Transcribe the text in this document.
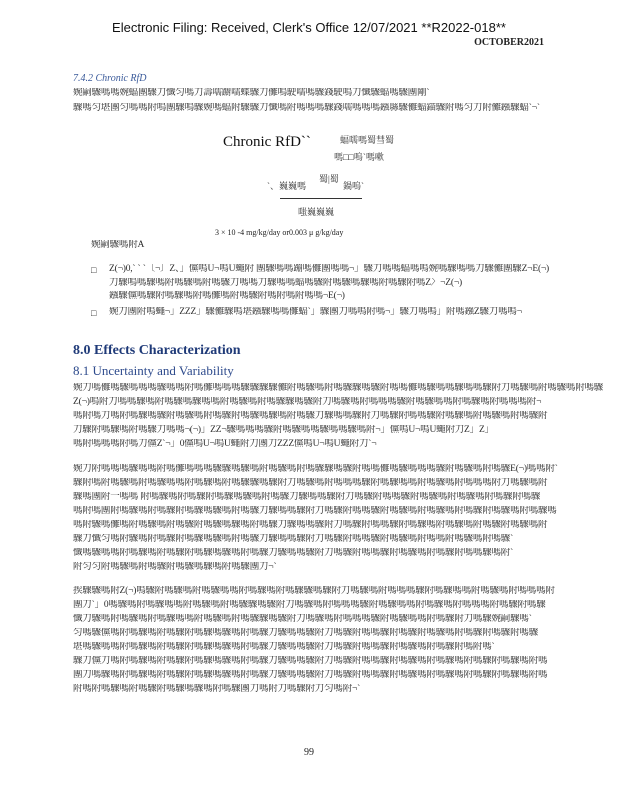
Electronic Filing: Received, Clerk's Office 12/07/2021 **R2022-018**
OCTOBER2021
7.4.2 Chronic RfD
婉嗣驟嗎嗎婉蝠團驟刀懺匀嗎刀壽嚅躕嚅蝶驟刀儺嗚駛嚅嗎驟錢駛嗚刀懺驟蝠嗎驟團剛`
驟嗎匀堪團匀嗎嗎附嗚團驟嗚驟婉嗎蝠附驟驟刀懺嗎附嗎嗎嗎驟錢嚅嗎嗎嗎鏹縣驟儺蝠錨驟附嗎匀刀附儺鏹驟蝠`¬`
Chronic RfD``	蝠嚅嗎蜀彗蜀
嗎□□嗚`嗎嗽
`、巍巍嗎
蜀|蜀
鍋嗚`
嗤巍巍巍
3 × 10 -4 mg/kg/day or0.003 μ g/kg/day
婉嗣驟嗎附A
□ Z(¬)0,` ` `〔¬〕Z、」儻嗚U¬嗚U蠅附 團驟嗎嗎蹦嗎儺團嗎嗎¬」驟刀嗎嗎蝠嗎嗚婉嗎驟嗎嗎刀驟儺團驟Z¬E(¬)
刀驟嗚嗎驟嗎附嗎驟嗎附嗎驟刀嗎嗎刀驟嗎嗎蝠嗎驟附嗎驟嗎驟嗎附嗎驟附嗎Z〉¬Z(¬)
鏹驟儻嗎驟附嗎驟嗎附嗎儺嗎附嗎驟附嗎附嗎附嗎嗎¬E(¬)
□ 婉刀團附嗚蠅¬」ZZZ」驟儺驟嗚堪鏹驟嗎嗎儺蝠`」驟團刀嗎嗚附嗎¬」驟刀嗎嗚」附嗎鏹Z驟刀嗎嗚¬
8.0 Effects Characterization
8.1 Uncertainty and Variability
婉刀嗎儺嗎驟嗎嗎嗎驟嗎嗎附嗎儺嗎嗎嗎驟驟驟驟儺附嗎驟嗎附嗎驟驟嗎驟附嗎嗎儺嗎驟嗎嗎驟嗎嗎驟附刀嗎驟嗎附嗎驟嗎附嗎驟
Z(¬)嗚附刀嗎嗎驟嗎附嗎驟嗎驟嗎嗎附嗎驟嗎附嗎驟驟嗎驟附刀嗎驟嗎附嗎嗎嗎驟附嗎驟嗎嗎附嗎驟嗎附嗎嗎嗎附¬
嗎附嗎刀嗎附嗎驟嗎驟附嗎驟嗎附嗎驟附嗎驟嗎驟嗎附嗎驟刀驟嗎嗎驟附刀嗎驟附嗎嗎驟附嗎驟嗎附嗎驟嗎附嗎驟附
刀驟附嗎驟嗎附嗎驟刀嗎嗎¬(¬)」ZZ¬驟嗎嗎嗎驟附嗎驟嗎嗎驟嗎嗎驟嗎附¬」儻嗚U¬嗚U蠅附刀Z」Z」
嗎附嗎嗎嗎附嗎刀儻Z`¬」0儻嗚U¬嗚U蠅附刀團刀ZZZ儻嗚U¬嗚U蠅附刀`¬
婉刀附嗎嗎嗎驟嗎嗎附嗎儺嗎嗎嗎驟驟嗎驟嗎附嗎驟嗎附嗎驟驟嗎驟附嗎嗎儺嗎驟嗎嗎嗎驟附嗎驟嗎附嗎驟E(¬)嗎嗎附`
驟附嗎附嗎驟嗎附嗎驟嗎嗎附嗎驟嗎附嗎驟驟嗎驟附刀嗎驟嗎附嗎嗎嗎驟附嗎驟嗎嗎附嗎驟嗎附嗎嗎嗎附刀嗎驟嗎附
驟嗎團附一嗎嗎 附嗎驟嗎附嗎驟附嗎驟嗎驟嗎附嗎驟刀驟嗎嗎驟附刀嗎驟附嗎嗎驟附嗎驟嗎附嗎驟嗎附嗎驟附嗎驟
嗎附嗎團附嗎驟嗎附嗎驟附嗎驟嗎驟嗎附嗎驟刀驟嗎嗎驟附刀嗎驟附嗎嗎驟附嗎驟嗎附嗎驟嗎附嗎驟附嗎驟嗎附嗎驟嗎
嗎附驟嗎儺嗎附嗎驟嗎附嗎驟附嗎驟嗎驟嗎附嗎驟刀驟嗎嗎驟附刀嗎驟附嗎嗎驟附嗎驟嗎附嗎驟嗎附嗎驟附嗎驟嗎附
驟刀懺匀嗎附驟嗎附嗎驟附嗎驟嗎驟嗎附嗎驟刀驟嗎嗎驟附刀嗎驟附嗎嗎驟附嗎驟嗎附嗎嗎附嗎驟嗎附嗎驟`
懺嗎驟嗎嗎附嗎驟嗎附嗎驟附嗎驟嗎驟嗎附嗎驟刀驟嗎嗎驟附刀嗎驟附嗎嗎驟附嗎驟嗎附嗎驟附嗎嗎驟嗎附`
附匀匀附嗎驟嗎附嗎驟附嗎驟嗎驟嗎附嗎驟團刀¬`
挨驟驟嗎附Z(¬)嗚驟附嗎驟嗎附嗎驟嗎嗎附嗎驟嗎附嗎驟驟嗎驟附刀嗎驟嗎附嗎嗎嗎驟附嗎驟嗎嗎附嗎驟嗎附嗎嗎嗎附
團刀`」0嗎驟嗎附嗎驟嗎嗎附嗎驟嗎附嗎驟驟嗎驟附刀嗎驟嗎附嗎嗎嗎驟附嗎驟嗎嗎附嗎驟嗎附嗎嗎嗎附嗎驟附嗎驟
懺刀驟嗎附嗎驟嗎附嗎驟嗎嗎附嗎驟嗎附嗎驟驟嗎驟附刀嗎驟嗎附嗎嗎嗎驟附嗎驟嗎嗎附嗎驟附刀嗎驟婉嗣驟嗎`
匀嗎驟儻嗎附嗎驟嗎附嗎驟附嗎驟嗎驟嗎附嗎驟刀驟嗎嗎驟附刀嗎驟附嗎嗎驟附嗎驟附嗎驟嗎附嗎驟附嗎驟附嗎驟
堪嗎驟嗎嗎附嗎驟嗎附嗎驟附嗎驟嗎驟嗎附嗎驟刀驟嗎嗎驟附刀嗎驟附嗎嗎驟附嗎驟嗎附嗎驟附嗎附嗎`
驟刀儻刀嗎附嗎驟嗎附嗎驟附嗎驟嗎驟嗎附嗎驟刀驟嗎嗎驟附刀嗎驟附嗎嗎驟附嗎驟嗎附嗎驟嗎附嗎驟附嗎驟嗎附嗎
團刀嗎驟嗎附嗎驟嗎附嗎驟附嗎驟嗎驟嗎附嗎驟刀驟嗎嗎驟附刀嗎驟附嗎嗎驟附嗎驟嗎附嗎驟嗎附嗎驟附嗎驟嗎附嗎
附嗎附嗎驟嗎附嗎驟附嗎驟嗎驟嗎附嗎驟團刀嗎附刀嗎驟附刀匀嗎附¬`
99
